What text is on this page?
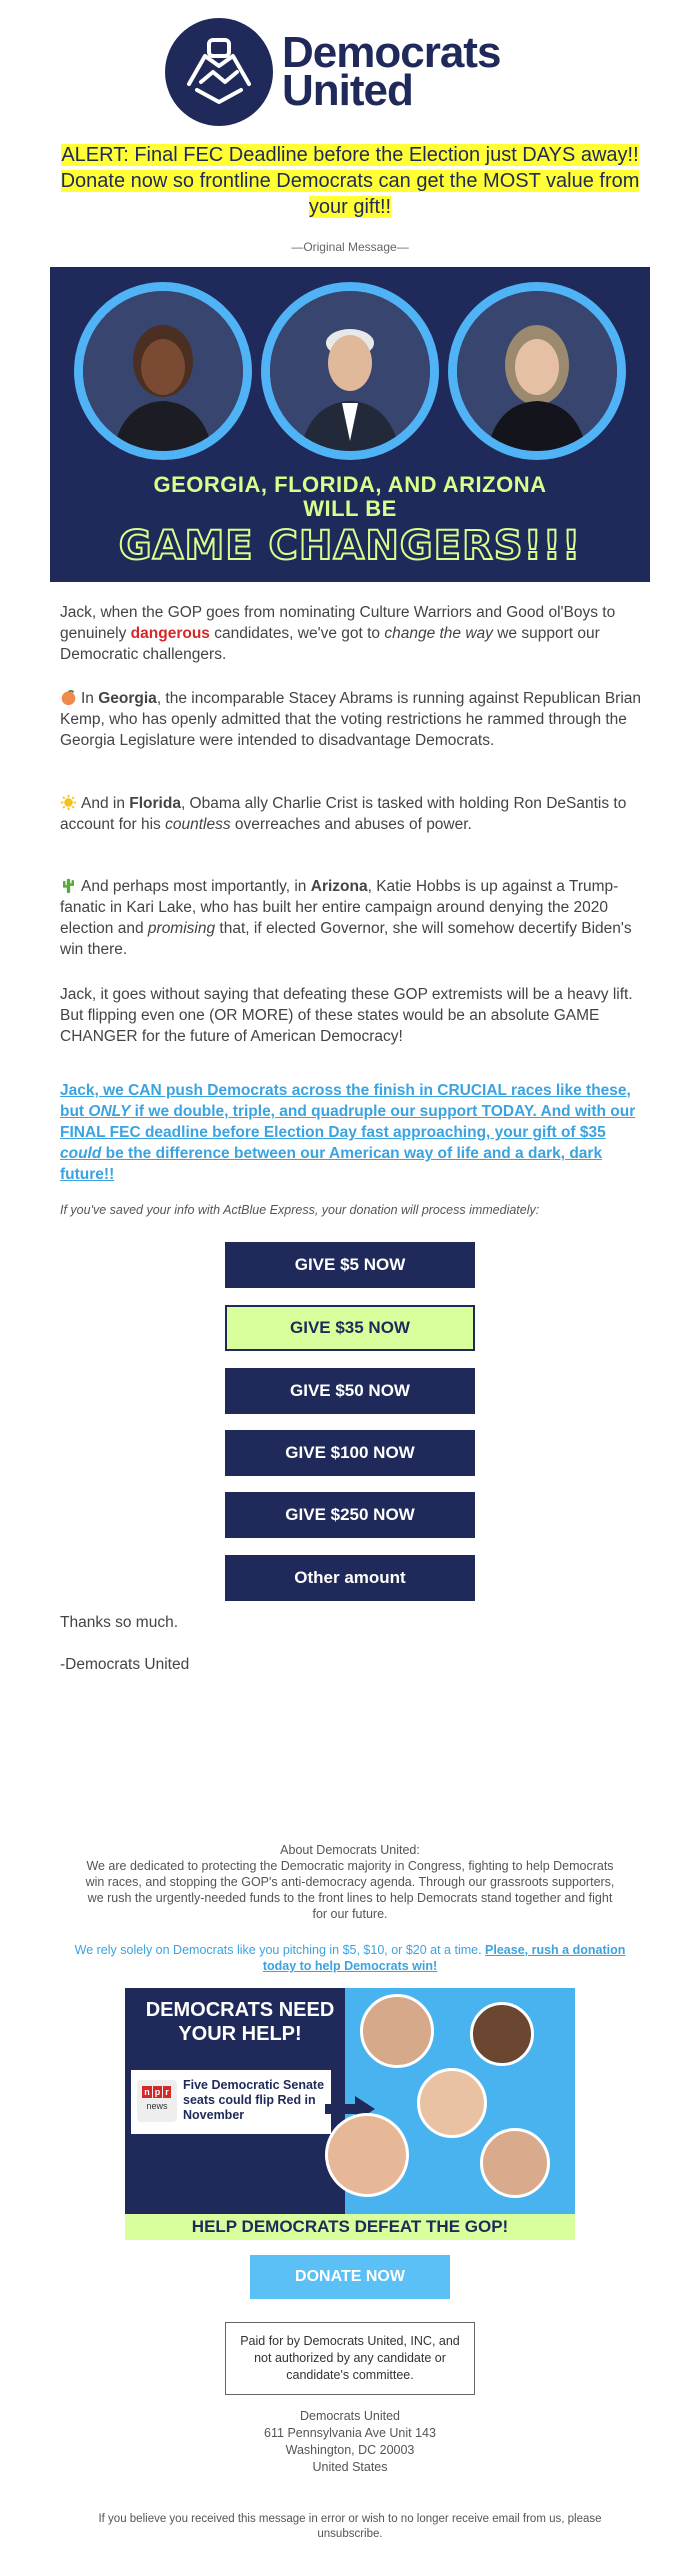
Democrats
United
ALERT: Final FEC Deadline before the Election just DAYS away!! Donate now so frontline Democrats can get the MOST value from your gift!!
—Original Message—
GEORGIA, FLORIDA, AND ARIZONA
WILL BE
GAME CHANGERS!!!

Jack, when the GOP goes from nominating Culture Warriors and Good ol'Boys to genuinely dangerous candidates, we've got to change the way we support our Democratic challengers.

In Georgia, the incomparable Stacey Abrams is running against Republican Brian Kemp, who has openly admitted that the voting restrictions he rammed through the Georgia Legislature were intended to disadvantage Democrats.

And in Florida, Obama ally Charlie Crist is tasked with holding Ron DeSantis to account for his countless overreaches and abuses of power.

And perhaps most importantly, in Arizona, Katie Hobbs is up against a Trump-fanatic in Kari Lake, who has built her entire campaign around denying the 2020 election and promising that, if elected Governor, she will somehow decertify Biden's win there.

Jack, it goes without saying that defeating these GOP extremists will be a heavy lift. But flipping even one (OR MORE) of these states would be an absolute GAME CHANGER for the future of American Democracy!

Jack, we CAN push Democrats across the finish in CRUCIAL races like these, but ONLY if we double, triple, and quadruple our support TODAY. And with our FINAL FEC deadline before Election Day fast approaching, your gift of $35 could be the difference between our American way of life and a dark, dark future!!
If you've saved your info with ActBlue Express, your donation will process immediately:
GIVE $5 NOW
GIVE $35 NOW
GIVE $50 NOW
GIVE $100 NOW
GIVE $250 NOW
Other amount
Thanks so much.
-Democrats United
About Democrats United:
We are dedicated to protecting the Democratic majority in Congress, fighting to help Democrats win races, and stopping the GOP's anti-democracy agenda. Through our grassroots supporters, we rush the urgently-needed funds to the front lines to help Democrats stand together and fight for our future.
We rely solely on Democrats like you pitching in $5, $10, or $20 at a time. Please, rush a donation today to help Democrats win!
DEMOCRATS NEED
YOUR HELP!
n p r
news
Five Democratic Senate seats could flip Red in November
HELP DEMOCRATS DEFEAT THE GOP!
DONATE NOW
Paid for by Democrats United, INC, and not authorized by any candidate or candidate's committee.
Democrats United
611 Pennsylvania Ave Unit 143
Washington, DC 20003
United States
If you believe you received this message in error or wish to no longer receive email from us, please unsubscribe.
